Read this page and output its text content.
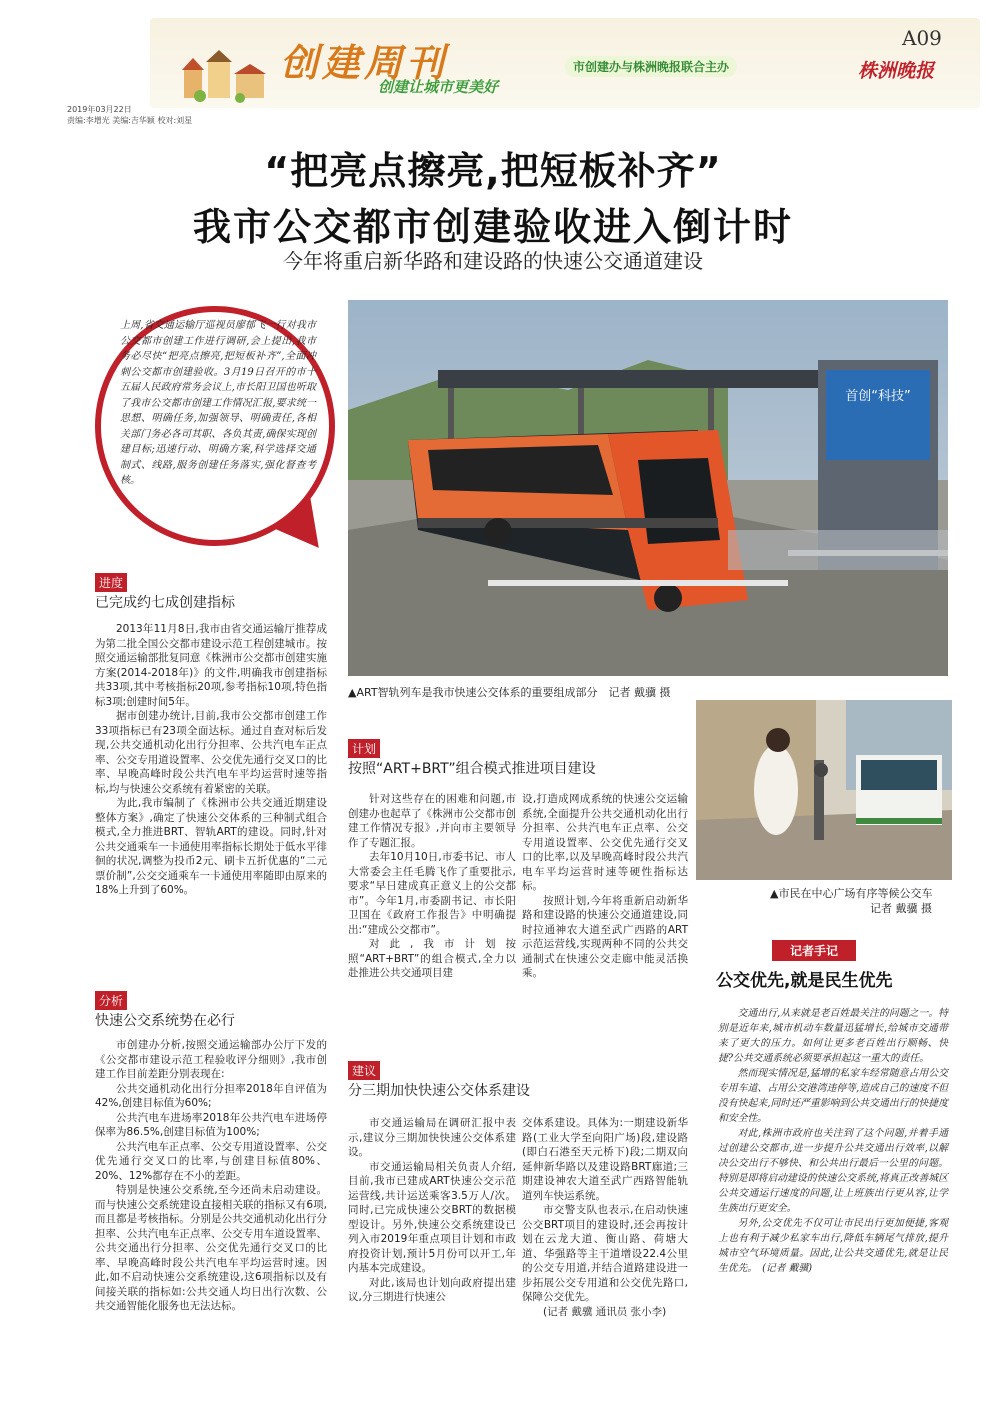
创建周刊
创建让城市更美好
市创建办与株洲晚报联合主办	株洲晚报
A09
2019年03月22日
责编:李增光 美编:吉华颖 校对:刘星
“把亮点擦亮,把短板补齐”
我市公交都市创建验收进入倒计时
今年将重启新华路和建设路的快速公交通道建设
上周,省交通运输厅巡视员廖郁飞一行对我市公交都市创建工作进行调研,会上提出,我市务必尽快“把亮点擦亮,把短板补齐”,全面冲刺公交都市创建验收。3月19日召开的市十五届人民政府常务会议上,市长阳卫国也听取了我市公交都市创建工作情况汇报,要求统一思想、明确任务,加强领导、明确责任,各相关部门务必各司其职、各负其责,确保实现创建目标;迅速行动、明确方案,科学选择交通制式、线路,服务创建任务落实,强化督查考核。
首创“科技”
▲ART智轨列车是我市快速公交体系的重要组成部分　记者 戴骥 摄
▲市民在中心广场有序等候公交车
记者 戴骥 摄
进度
已完成约七成创建指标

2013年11月8日,我市由省交通运输厅推荐成为第二批全国公交都市建设示范工程创建城市。按照交通运输部批复同意《株洲市公交都市创建实施方案(2014-2018年)》的文件,明确我市创建指标共33项,其中考核指标20项,参考指标10项,特色指标3项;创建时间5年。

据市创建办统计,目前,我市公交都市创建工作33项指标已有23项全面达标。通过自查对标后发现,公共交通机动化出行分担率、公共汽电车正点率、公交专用道设置率、公交优先通行交叉口的比率、早晚高峰时段公共汽电车平均运营时速等指标,均与快速公交系统有着紧密的关联。

为此,我市编制了《株洲市公共交通近期建设整体方案》,确定了快速公交体系的三种制式组合模式,全力推进BRT、智轨ART的建设。同时,针对公共交通乘车一卡通使用率指标长期处于低水平徘徊的状况,调整为投币2元、刷卡五折优惠的“二元票价制”,公交交通乘车一卡通使用率随即由原来的18%上升到了60%。

分析
快速公交系统势在必行

市创建办分析,按照交通运输部办公厅下发的《公交都市建设示范工程验收评分细则》,我市创建工作目前差距分别表现在:

公共交通机动化出行分担率2018年自评值为42%,创建目标值为60%;

公共汽电车进场率2018年公共汽电车进场停保率为86.5%,创建目标值为100%;

公共汽电车正点率、公交专用道设置率、公交优先通行交叉口的比率,与创建目标值80%、20%、12%都存在不小的差距。

特别是快速公交系统,至今还尚未启动建设。而与快速公交系统建设直接相关联的指标又有6项,而且都是考核指标。分别是公共交通机动化出行分担率、公共汽电车正点率、公交专用车道设置率、公共交通出行分担率、公交优先通行交叉口的比率、早晚高峰时段公共汽电车平均运营时速。因此,如不启动快速公交系统建设,这6项指标以及有间接关联的指标如:公共交通人均日出行次数、公共交通智能化服务也无法达标。

计划
按照“ART+BRT”组合模式推进项目建设

针对这些存在的困难和问题,市创建办也起草了《株洲市公交都市创建工作情况专报》,并向市主要领导作了专题汇报。

去年10月10日,市委书记、市人大常委会主任毛腾飞作了重要批示,要求“早日建成真正意义上的公交都市”。今年1月,市委副书记、市长阳卫国在《政府工作报告》中明确提出:“建成公交都市”。

对此,我市计划按照“ART+BRT”的组合模式,全力以赴推进公共交通项目建

设,打造成网成系统的快速公交运输系统,全面提升公共交通机动化出行分担率、公共汽电车正点率、公交专用道设置率、公交优先通行交叉口的比率,以及早晚高峰时段公共汽电车平均运营时速等硬性指标达标。

按照计划,今年将重新启动新华路和建设路的快速公交通道建设,同时拉通神农大道至武广西路的ART示范运营线,实现两种不同的公共交通制式在快速公交走廊中能灵活换乘。

建议
分三期加快快速公交体系建设

市交通运输局在调研汇报中表示,建议分三期加快快速公交体系建设。

市交通运输局相关负责人介绍,目前,我市已建成ART快速公交示范运营线,共计运送乘客3.5万人/次。同时,已完成快速公交BRT的数据模型设计。另外,快速公交系统建设已列入市2019年重点项目计划和市政府投资计划,预计5月份可以开工,年内基本完成建设。

对此,该局也计划向政府提出建议,分三期进行快速公

交体系建设。具体为:一期建设新华路(工业大学至向阳广场)段,建设路(即白石港至天元桥下)段;二期双向延伸新华路以及建设路BRT廊道;三期建设神农大道至武广西路智能轨道列车快运系统。

市交警支队也表示,在启动快速公交BRT项目的建设时,还会再按计划在云龙大道、衡山路、荷塘大道、华强路等主干道增设22.4公里的公交专用道,并结合道路建设进一步拓展公交专用道和公交优先路口,保障公交优先。

(记者 戴骥 通讯员 张小李)

记者手记
公交优先,就是民生优先

交通出行,从来就是老百姓最关注的问题之一。特别是近年来,城市机动车数量迅猛增长,给城市交通带来了更大的压力。如何让更多老百姓出行顺畅、快捷?公共交通系统必须要承担起这一重大的责任。

然而现实情况是,猛增的私家车经常随意占用公交专用车道、占用公交港湾违停等,造成自己的速度不但没有快起来,同时还严重影响到公共交通出行的快捷度和安全性。

对此,株洲市政府也关注到了这个问题,并着手通过创建公交都市,进一步提升公共交通出行效率,以解决公交出行不够快、和公共出行最后一公里的问题。特别是即将启动建设的快速公交系统,将真正改善城区公共交通运行速度的问题,让上班族出行更从容,让学生族出行更安全。

另外,公交优先不仅可让市民出行更加便捷,客观上也有利于减少私家车出行,降低车辆尾气排放,提升城市空气环境质量。因此,让公共交通优先,就是让民生优先。　(记者 戴骥)
